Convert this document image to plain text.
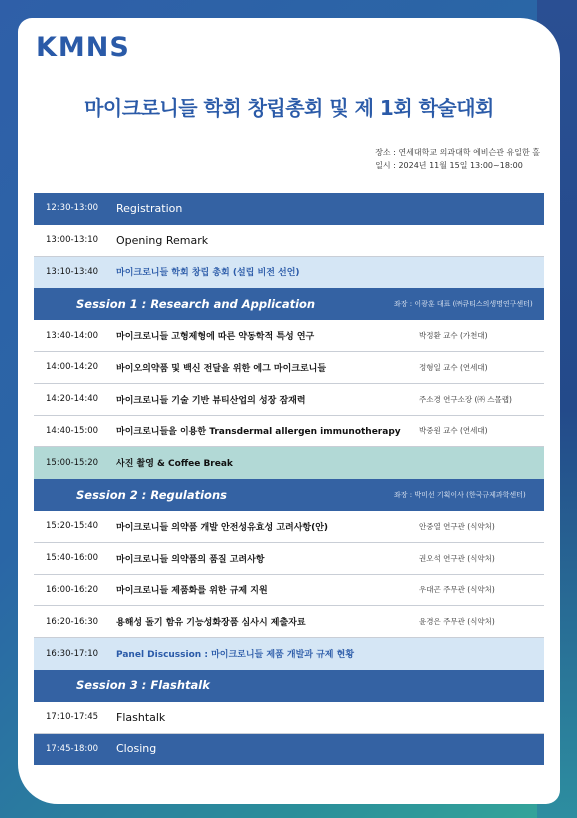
KMNS
마이크로니들 학회 창립총회 및 제 1회 학술대회
장소 : 연세대학교 의과대학 에비슨관 유일한 홀
일시 : 2024년 11월 15일 13:00~18:00
12:30-13:00	Registration
13:00-13:10	Opening Remark
13:10-13:40	마이크로니들 학회 창립 총회 (설립 비전 선언)
Session 1 : Research and Application	좌장 : 이광훈 대표 (㈜큐티스의생명연구센터)
13:40-14:00	마이크로니들 고형제형에 따른 약동학적 특성 연구	박정환 교수 (가천대)
14:00-14:20	바이오의약품 및 백신 전달을 위한 에그 마이크로니들	정형일 교수 (연세대)
14:20-14:40	마이크로니들 기술 기반 뷰티산업의 성장 잠재력	주소경 연구소장 (㈜ 스몰랩)
14:40-15:00	마이크로니들을 이용한 Transdermal allergen immunotherapy	박중원 교수 (연세대)
15:00-15:20	사진 촬영 & Coffee Break
Session 2 : Regulations	좌장 : 박미선 기획이사 (한국규제과학센터)
15:20-15:40	마이크로니들 의약품 개발 안전성유효성 고려사항(안)	안중열 연구관 (식약처)
15:40-16:00	마이크로니들 의약품의 품질 고려사항	권오석 연구관 (식약처)
16:00-16:20	마이크로니들 제품화를 위한 규제 지원	우대곤 주무관 (식약처)
16:20-16:30	용해성 돌기 함유 기능성화장품 심사시 제출자료	윤경은 주무관 (식약처)
16:30-17:10	Panel Discussion : 마이크로니들 제품 개발과 규제 현황
Session 3 : Flashtalk
17:10-17:45	Flashtalk
17:45-18:00	Closing
